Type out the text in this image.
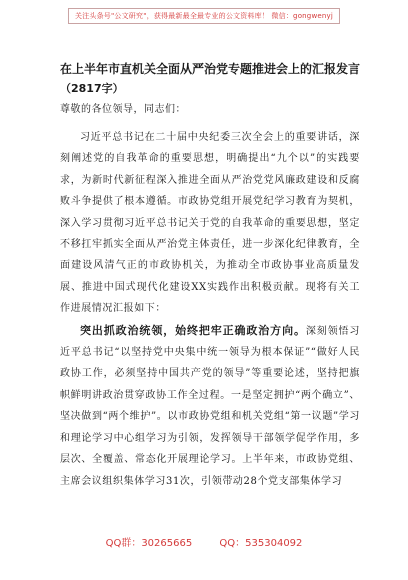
关注头条号"公文研究"，获得最新最全最专业的公文资料库！ 微信：gongwenyj
在上半年市直机关全面从严治党专题推进会上的汇报发言
（2817字）
尊敬的各位领导，同志们：

习近平总书记在二十届中央纪委三次全会上的重要讲话，深刻阐述党的自我革命的重要思想，明确提出“九个以”的实践要求，为新时代新征程深入推进全面从严治党党风廉政建设和反腐败斗争提供了根本遵循。市政协党组开展党纪学习教育为契机，深入学习贯彻习近平总书记关于党的自我革命的重要思想，坚定不移扛牢抓实全面从严治党主体责任，进一步深化纪律教育，全面建设风清气正的市政协机关，为推动全市政协事业高质量发展、推进中国式现代化建设XX实践作出积极贡献。现将有关工作进展情况汇报如下：

突出抓政治统领，始终把牢正确政治方向。深刻领悟习近平总书记“以坚持党中央集中统一领导为根本保证”“做好人民政协工作，必须坚持中国共产党的领导”等重要论述，坚持把旗帜鲜明讲政治贯穿政协工作全过程。一是坚定拥护“两个确立”、坚决做到“两个维护”。以市政协党组和机关党组“第一议题”学习和理论学习中心组学习为引领，发挥领导干部领学促学作用，多层次、全覆盖、常态化开展理论学习。上半年来，市政协党组、主席会议组织集体学习31次，引领带动28个党支部集体学习

QQ群：30265665	QQ：535304092
